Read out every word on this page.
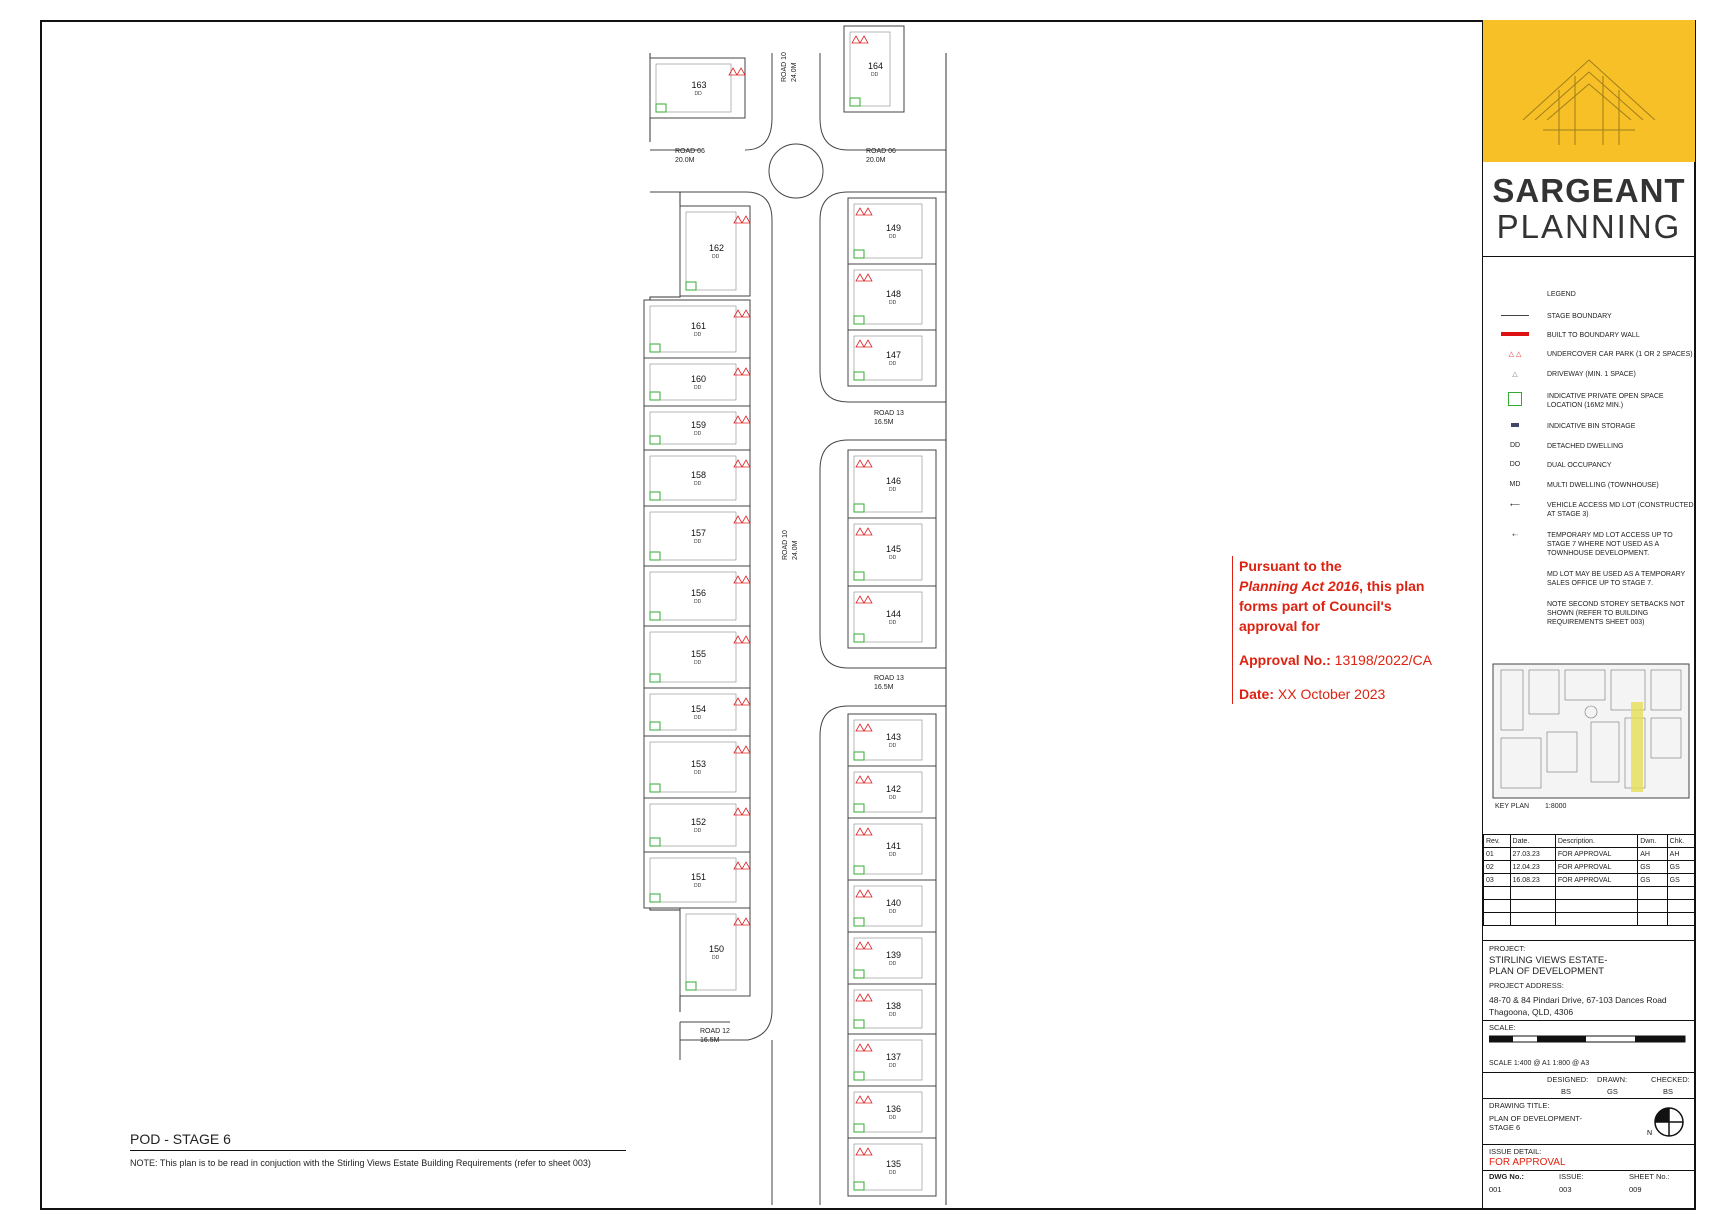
163
DD
162
DD
161
DD
160
DD
159
DD
158
DD
157
DD
156
DD
155
DD
154
DD
153
DD
152
DD
151
DD
150
DD
164
DD
149
DD
148
DD
147
DD
146
DD
145
DD
144
DD
143
DD
142
DD
141
DD
140
DD
139
DD
138
DD
137
DD
136
DD
135
DD
ROAD 10 24.0M
ROAD 06
20.0M
ROAD 06
20.0M
ROAD 10 24.0M
ROAD 13
16.5M
ROAD 13
16.5M
ROAD 12
16.5M
Pursuant to the
Planning Act 2016, this plan
forms part of Council's
approval for
Approval No.: 13198/2022/CA
Date: XX October 2023
POD - STAGE 6
NOTE: This plan is to be read in conjuction with the Stirling Views Estate Building Requirements (refer to sheet 003)
SARGEANT
PLANNING
LEGEND
STAGE BOUNDARY
BUILT TO BOUNDARY WALL
△ △	UNDERCOVER CAR PARK (1 OR 2 SPACES)
△	DRIVEWAY (MIN. 1 SPACE)
INDICATIVE PRIVATE OPEN SPACE LOCATION (16M2 MIN.)
INDICATIVE BIN STORAGE
DD	DETACHED DWELLING
DO	DUAL OCCUPANCY
MD	MULTI DWELLING (TOWNHOUSE)
⟵	VEHICLE ACCESS MD LOT (CONSTRUCTED AT STAGE 3)
⇠	TEMPORARY MD LOT ACCESS UP TO STAGE 7 WHERE NOT USED AS A TOWNHOUSE DEVELOPMENT.
MD LOT MAY BE USED AS A TEMPORARY SALES OFFICE UP TO STAGE 7.
NOTE SECOND STOREY SETBACKS NOT SHOWN (REFER TO BUILDING REQUIREMENTS SHEET 003)
KEY PLAN 1:8000
Rev.	Date.	Description.	Dwn.	Chk.
01	27.03.23	FOR APPROVAL	AH	AH
02	12.04.23	FOR APPROVAL	GS	GS
03	16.08.23	FOR APPROVAL	GS	GS

PROJECT:
STIRLING VIEWS ESTATE-
PLAN OF DEVELOPMENT
PROJECT ADDRESS:
48-70 & 84 Pindari Drive, 67-103 Dances Road
Thagoona, QLD, 4306
SCALE:
SCALE 1:400 @ A1 1:800 @ A3
DESIGNED:
BS
DRAWN:
GS
CHECKED:
BS
DRAWING TITLE:
PLAN OF DEVELOPMENT-
STAGE 6
N
ISSUE DETAIL:
FOR APPROVAL
DWG No.:
001
ISSUE:
003
SHEET No.:
009
